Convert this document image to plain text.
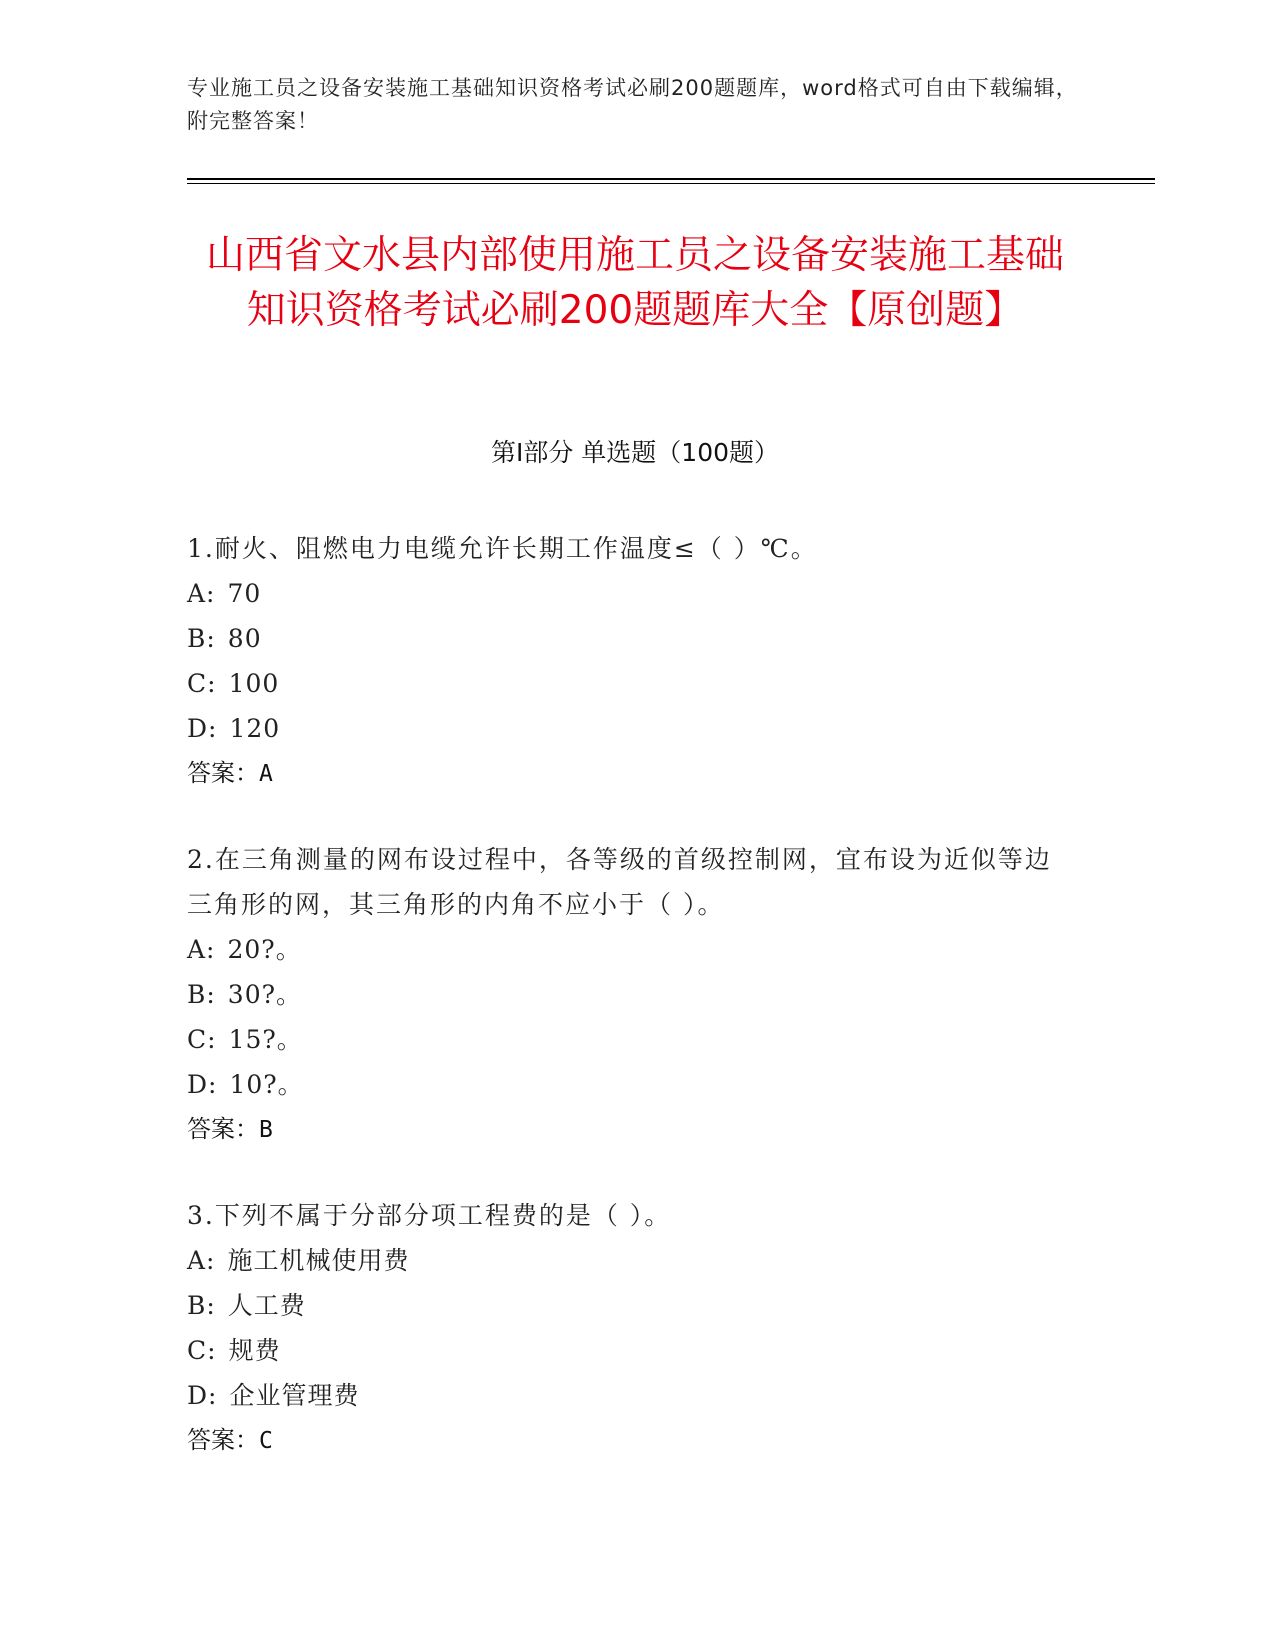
专业施工员之设备安装施工基础知识资格考试必刷200题题库，word格式可自由下载编辑，附完整答案！
山西省文水县内部使用施工员之设备安装施工基础知识资格考试必刷200题题库大全【原创题】
第I部分 单选题（100题）
1.耐火、阻燃电力电缆允许长期工作温度≤（ ）℃。
A: 70
B: 80
C: 100
D: 120
答案：A
2.在三角测量的网布设过程中，各等级的首级控制网，宜布设为近似等边三角形的网，其三角形的内角不应小于（ ）。
A: 20?。
B: 30?。
C: 15?。
D: 10?。
答案：B
3.下列不属于分部分项工程费的是（ ）。
A: 施工机械使用费
B: 人工费
C: 规费
D: 企业管理费
答案：C
